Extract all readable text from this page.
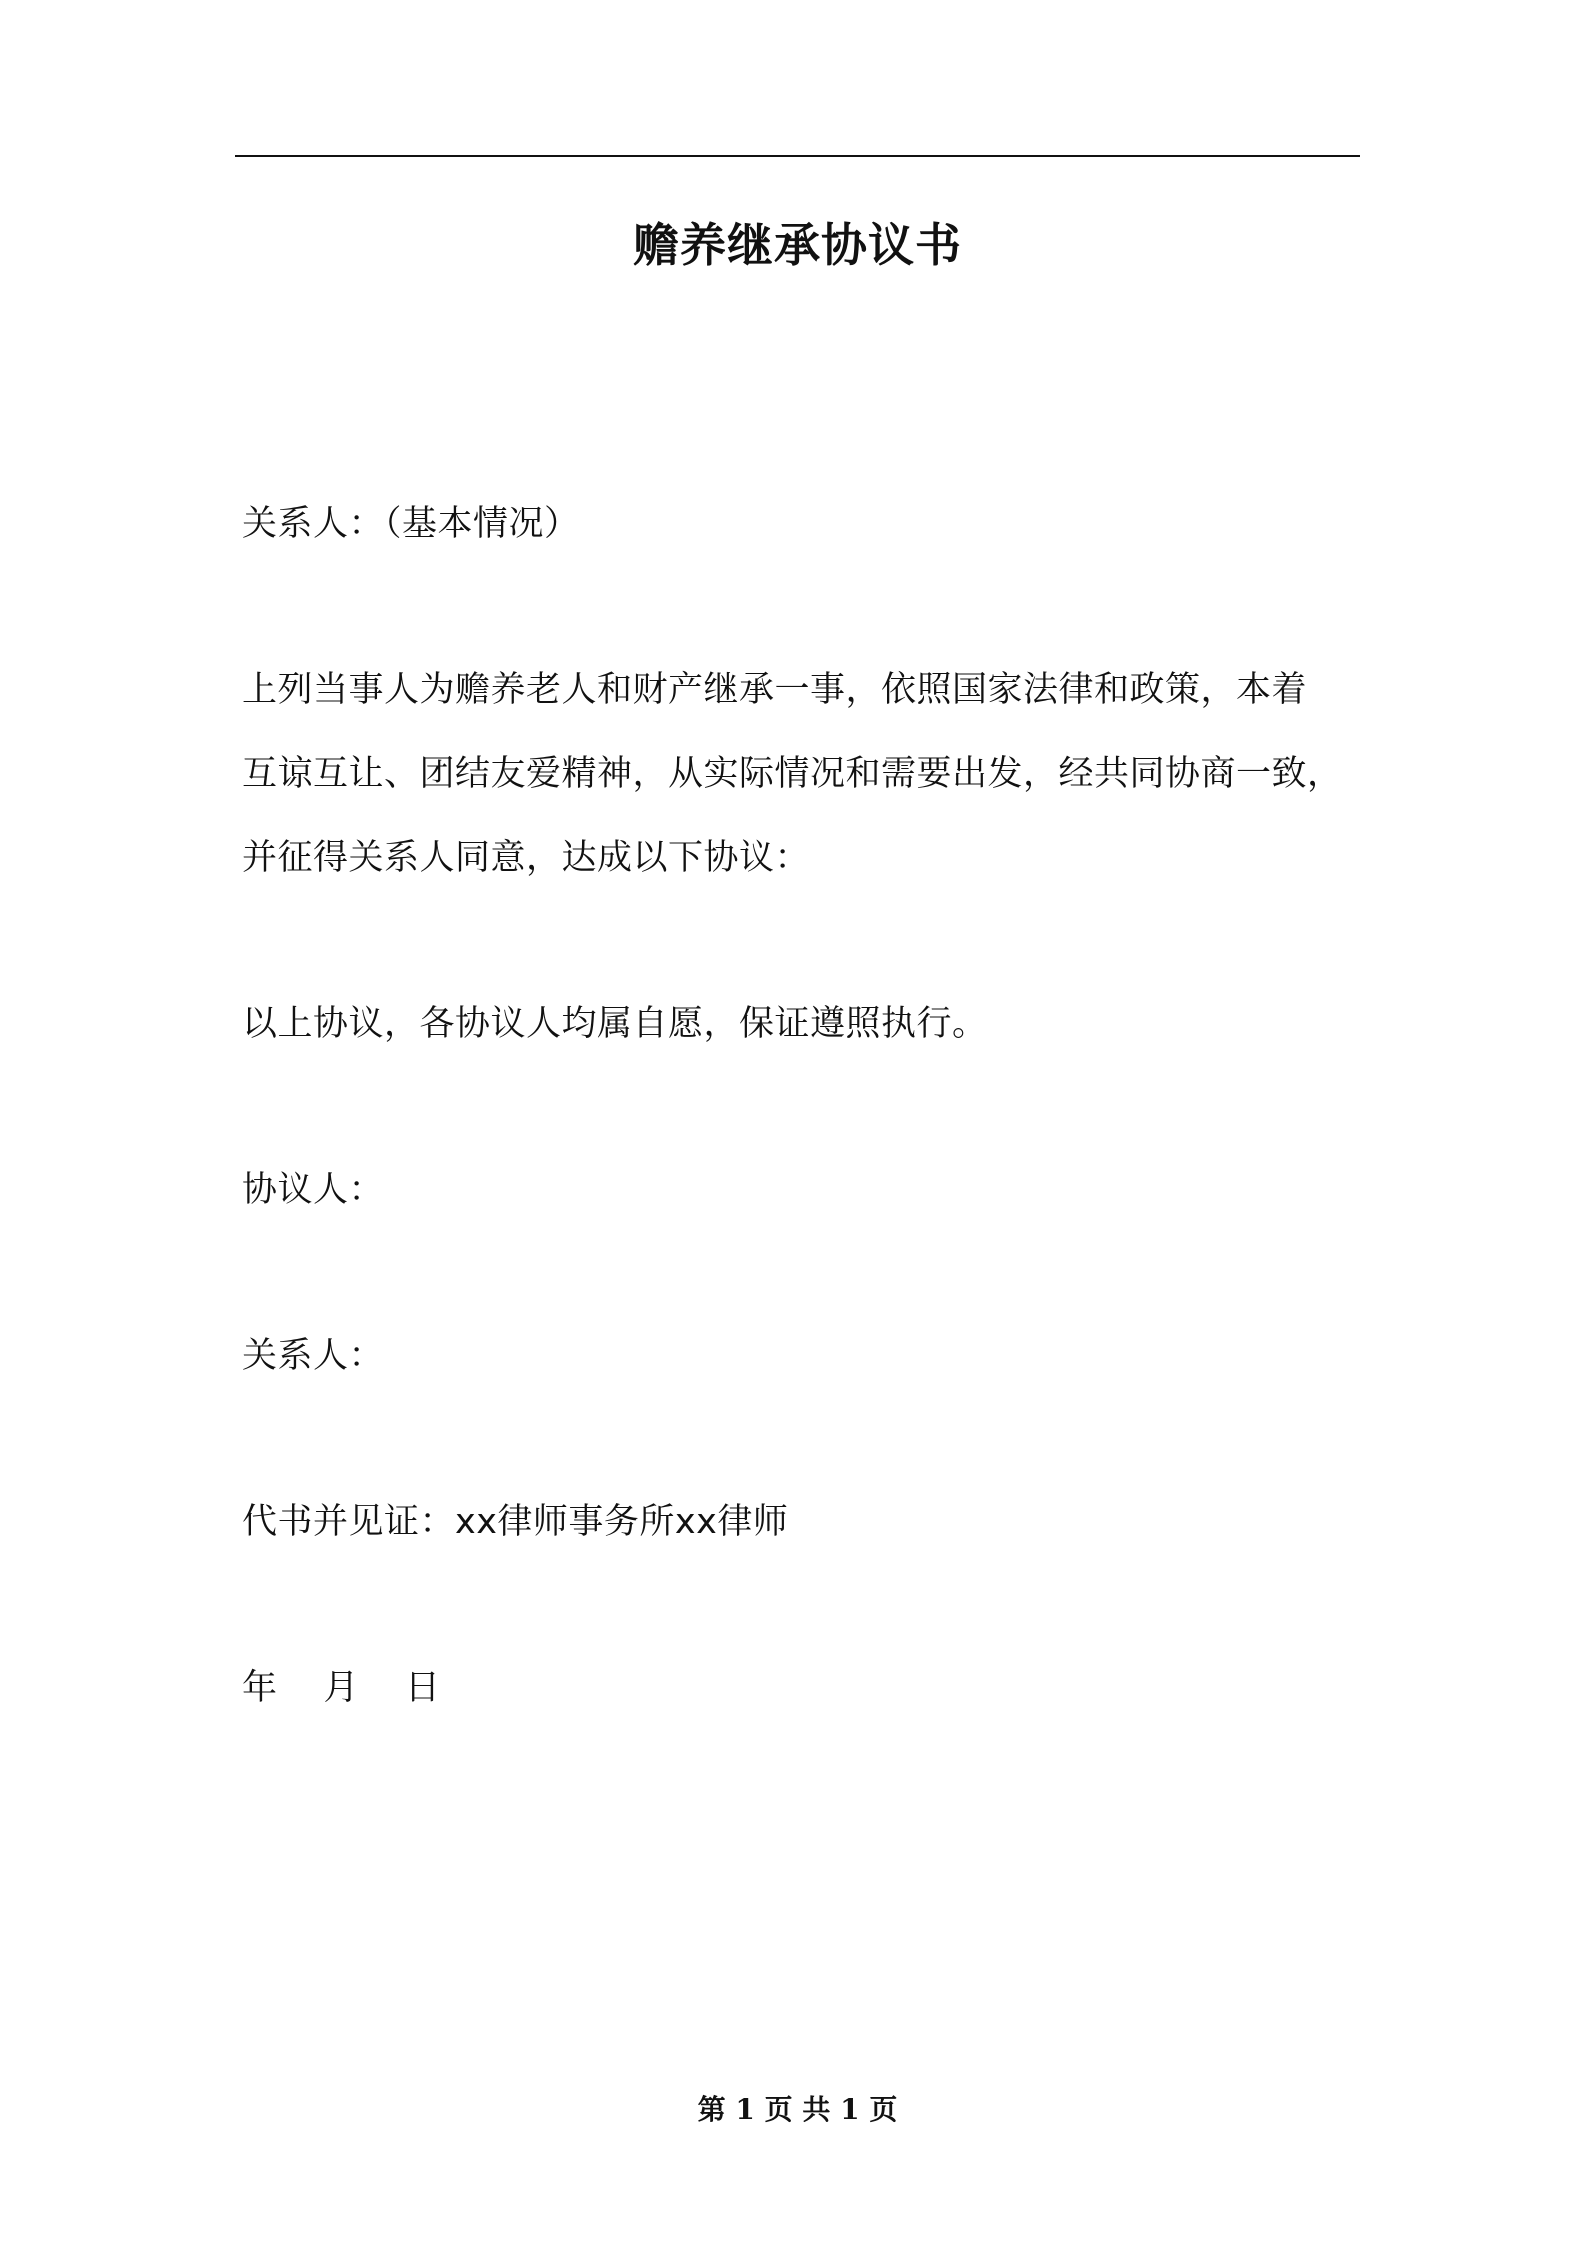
赡养继承协议书
关系人：（基本情况）
上列当事人为赡养老人和财产继承一事，依照国家法律和政策，本着
互谅互让、团结友爱精神，从实际情况和需要出发，经共同协商一致，
并征得关系人同意，达成以下协议：
以上协议，各协议人均属自愿，保证遵照执行。
协议人：
关系人：
代书并见证：xx律师事务所xx律师
年 月 日
第 1 页 共 1 页
